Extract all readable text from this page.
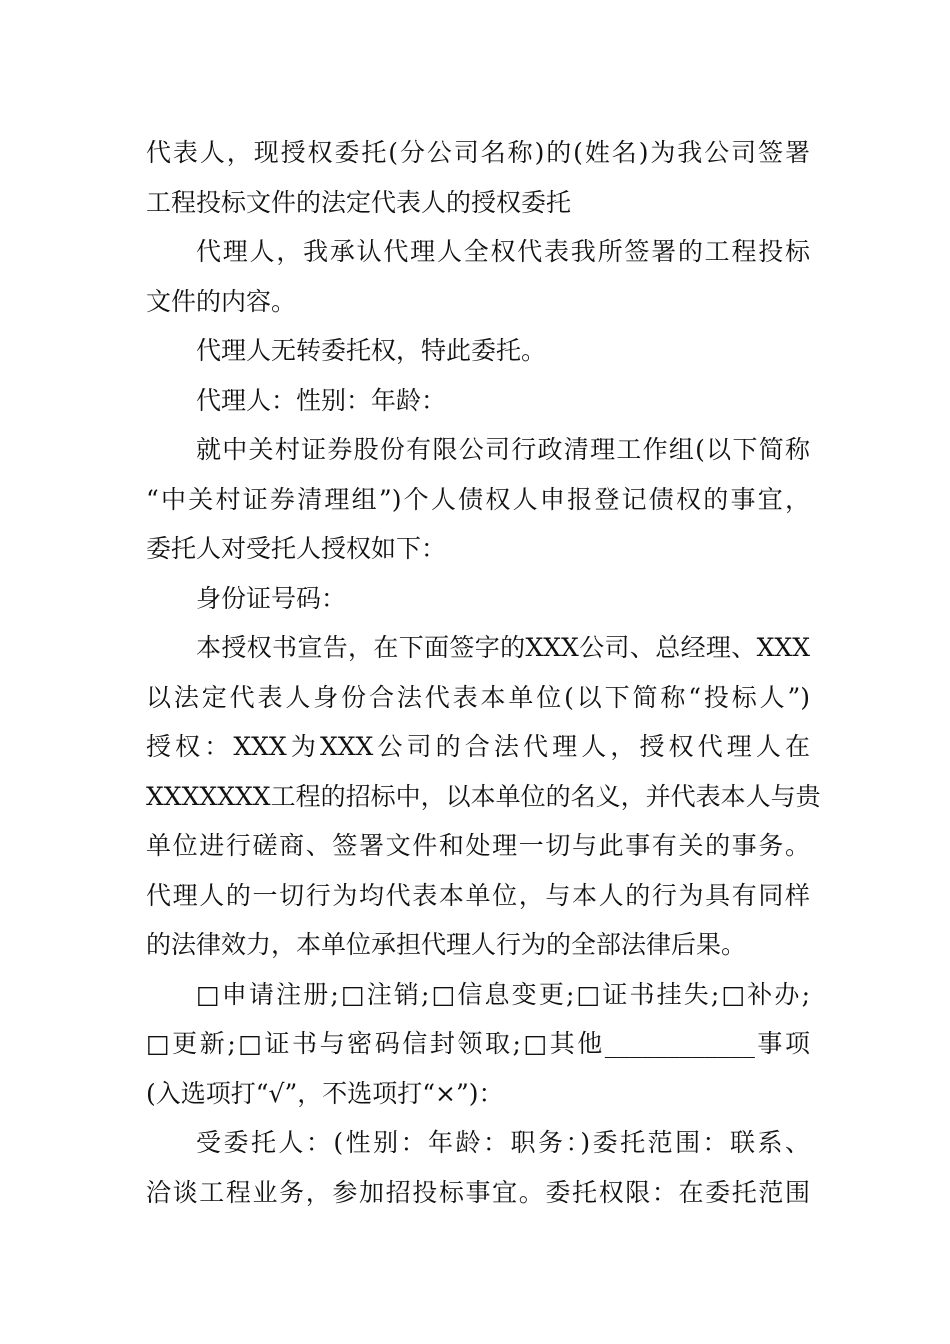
代表人，现授权委托(分公司名称)的(姓名)为我公司签署
工程投标文件的法定代表人的授权委托
代理人，我承认代理人全权代表我所签署的工程投标
文件的内容。
代理人无转委托权，特此委托。
代理人：性别：年龄：
就中关村证券股份有限公司行政清理工作组(以下简称
“中关村证券清理组”)个人债权人申报登记债权的事宜，
委托人对受托人授权如下：
身份证号码：
本授权书宣告，在下面签字的XXX公司、总经理、XXX
以法定代表人身份合法代表本单位(以下简称“投标人”)
授权：XXX为XXX公司的合法代理人，授权代理人在
XXXXXXX工程的招标中，以本单位的名义，并代表本人与贵
单位进行磋商、签署文件和处理一切与此事有关的事务。
代理人的一切行为均代表本单位，与本人的行为具有同样
的法律效力，本单位承担代理人行为的全部法律后果。
□申请注册;□注销;□信息变更;□证书挂失;□补办;
□更新;□证书与密码信封领取;□其他____________事项
(入选项打“√”，不选项打“×”)：
受委托人：(性别：年龄：职务：)委托范围：联系、
洽谈工程业务，参加招投标事宜。委托权限：在委托范围
